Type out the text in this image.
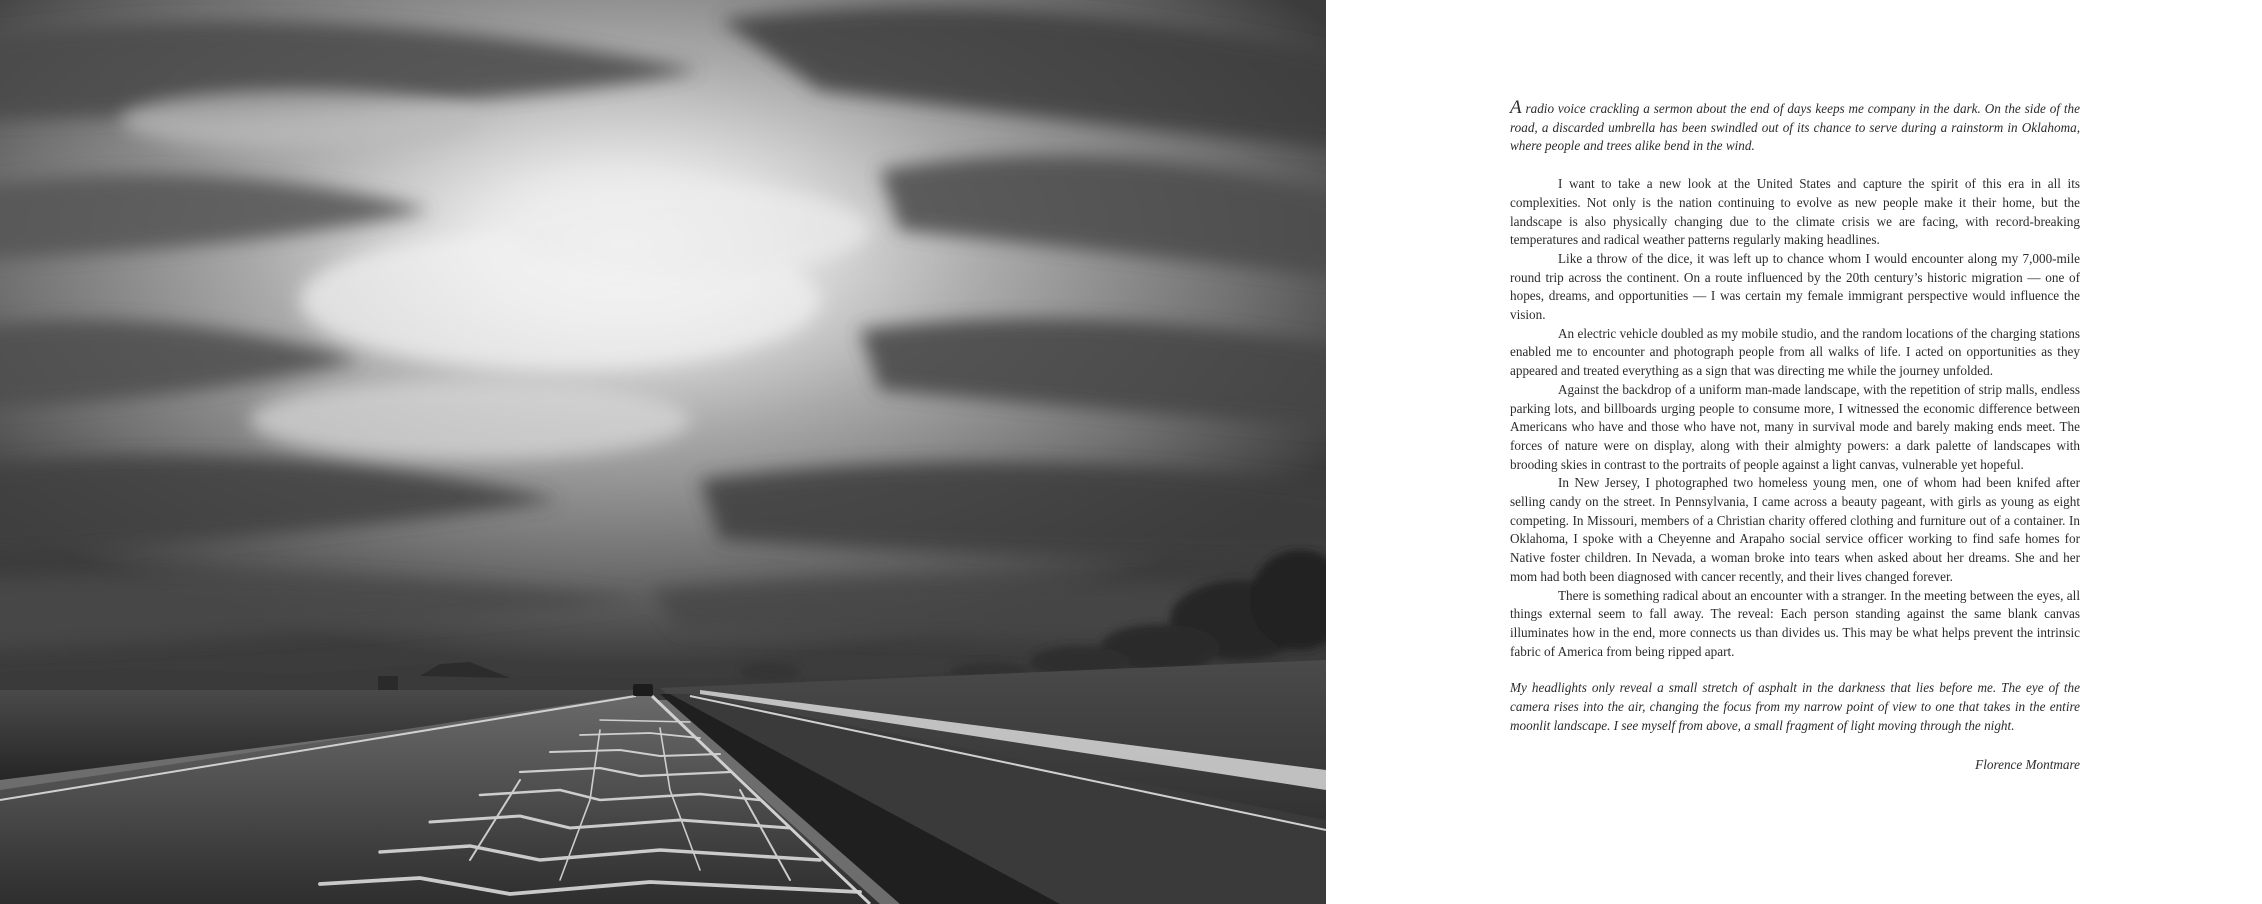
A radio voice crackling a sermon about the end of days keeps me company in the dark. On the side of the road, a discarded umbrella has been swindled out of its chance to serve during a rainstorm in Oklahoma, where people and trees alike bend in the wind.

I want to take a new look at the United States and capture the spirit of this era in all its complexities. Not only is the nation continuing to evolve as new people make it their home, but the landscape is also physically changing due to the climate crisis we are facing, with record-breaking temperatures and radical weather patterns regularly making headlines.

Like a throw of the dice, it was left up to chance whom I would encounter along my 7,000-mile round trip across the continent. On a route influenced by the 20th century’s historic migration — one of hopes, dreams, and opportunities — I was certain my female immigrant perspective would influence the vision.

An electric vehicle doubled as my mobile studio, and the random locations of the charging stations enabled me to encounter and photograph people from all walks of life. I acted on opportunities as they appeared and treated everything as a sign that was directing me while the journey unfolded.

Against the backdrop of a uniform man-made landscape, with the repetition of strip malls, endless parking lots, and billboards urging people to consume more, I witnessed the economic difference between Americans who have and those who have not, many in survival mode and barely making ends meet. The forces of nature were on display, along with their almighty powers: a dark palette of landscapes with brooding skies in contrast to the portraits of people against a light canvas, vulnerable yet hopeful.

In New Jersey, I photographed two homeless young men, one of whom had been knifed after selling candy on the street. In Pennsylvania, I came across a beauty pageant, with girls as young as eight competing. In Missouri, members of a Christian charity offered clothing and furniture out of a container. In Oklahoma, I spoke with a Cheyenne and Arapaho social service officer working to find safe homes for Native foster children. In Nevada, a woman broke into tears when asked about her dreams. She and her mom had both been diagnosed with cancer recently, and their lives changed forever.

There is something radical about an encounter with a stranger. In the meeting between the eyes, all things external seem to fall away. The reveal: Each person standing against the same blank canvas illuminates how in the end, more connects us than divides us. This may be what helps prevent the intrinsic fabric of America from being ripped apart.

My headlights only reveal a small stretch of asphalt in the darkness that lies before me. The eye of the camera rises into the air, changing the focus from my narrow point of view to one that takes in the entire moonlit landscape. I see myself from above, a small fragment of light moving through the night.

Florence Montmare
